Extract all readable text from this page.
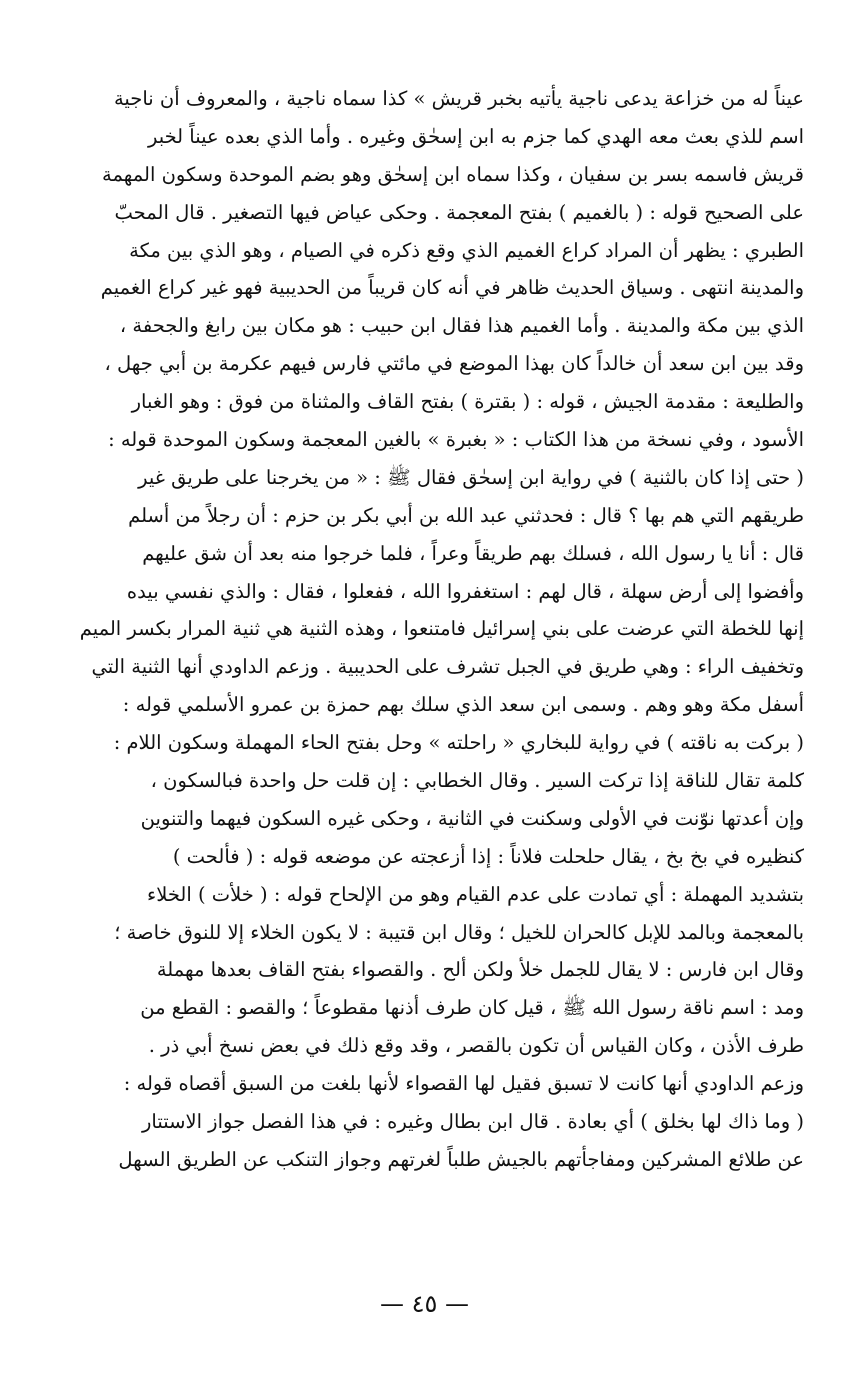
عيناً له من خزاعة يدعى ناجية يأتيه بخبر قريش » كذا سماه ناجية ، والمعروف أن ناجية
اسم للذي بعث معه الهدي كما جزم به ابن إسحٰق وغيره . وأما الذي بعده عيناً لخبر
قريش فاسمه بسر بن سفيان ، وكذا سماه ابن إسحٰق وهو بضم الموحدة وسكون المهمة
على الصحيح قوله : ( بالغميم ) بفتح المعجمة . وحكى عياض فيها التصغير . قال المحبّ
الطبري : يظهر أن المراد كراع الغميم الذي وقع ذكره في الصيام ، وهو الذي بين مكة
والمدينة انتهى . وسياق الحديث ظاهر في أنه كان قريباً من الحديبية فهو غير كراع الغميم
الذي بين مكة والمدينة . وأما الغميم هذا فقال ابن حبيب : هو مكان بين رابغ والجحفة ،
وقد بين ابن سعد أن خالداً كان بهذا الموضع في مائتي فارس فيهم عكرمة بن أبي جهل ،
والطليعة : مقدمة الجيش ، قوله : ( بقترة ) بفتح القاف والمثناة من فوق : وهو الغبار
الأسود ، وفي نسخة من هذا الكتاب : « بغبرة » بالغين المعجمة وسكون الموحدة قوله :
( حتى إذا كان بالثنية ) في رواية ابن إسحٰق فقال ﷺ : « من يخرجنا على طريق غير
طريقهم التي هم بها ؟ قال : فحدثني عبد الله بن أبي بكر بن حزم : أن رجلاً من أسلم
قال : أنا يا رسول الله ، فسلك بهم طريقاً وعراً ، فلما خرجوا منه بعد أن شق عليهم
وأفضوا إلى أرض سهلة ، قال لهم : استغفروا الله ، ففعلوا ، فقال : والذي نفسي بيده
إنها للخطة التي عرضت على بني إسرائيل فامتنعوا ، وهذه الثنية هي ثنية المرار بكسر الميم
وتخفيف الراء : وهي طريق في الجبل تشرف على الحديبية . وزعم الداودي أنها الثنية التي
أسفل مكة وهو وهم . وسمى ابن سعد الذي سلك بهم حمزة بن عمرو الأسلمي قوله :
( بركت به ناقته ) في رواية للبخاري « راحلته » وحل بفتح الحاء المهملة وسكون اللام :
كلمة تقال للناقة إذا تركت السير . وقال الخطابي : إن قلت حل واحدة فبالسكون ،
وإن أعدتها نوّنت في الأولى وسكنت في الثانية ، وحكى غيره السكون فيهما والتنوين
كنظيره في بخ بخ ، يقال حلحلت فلاناً : إذا أزعجته عن موضعه قوله : ( فألحت )
بتشديد المهملة : أي تمادت على عدم القيام وهو من الإلحاح قوله : ( خلأت ) الخلاء
بالمعجمة وبالمد للإبل كالحران للخيل ؛ وقال ابن قتيبة : لا يكون الخلاء إلا للنوق خاصة ؛
وقال ابن فارس : لا يقال للجمل خلأ ولكن ألح . والقصواء بفتح القاف بعدها مهملة
ومد : اسم ناقة رسول الله ﷺ ، قيل كان طرف أذنها مقطوعاً ؛ والقصو : القطع من
طرف الأذن ، وكان القياس أن تكون بالقصر ، وقد وقع ذلك في بعض نسخ أبي ذر .
وزعم الداودي أنها كانت لا تسبق فقيل لها القصواء لأنها بلغت من السبق أقصاه قوله :
( وما ذاك لها بخلق ) أي بعادة . قال ابن بطال وغيره : في هذا الفصل جواز الاستتار
عن طلائع المشركين ومفاجأتهم بالجيش طلباً لغرتهم وجواز التنكب عن الطريق السهل
— ٤٥ —
